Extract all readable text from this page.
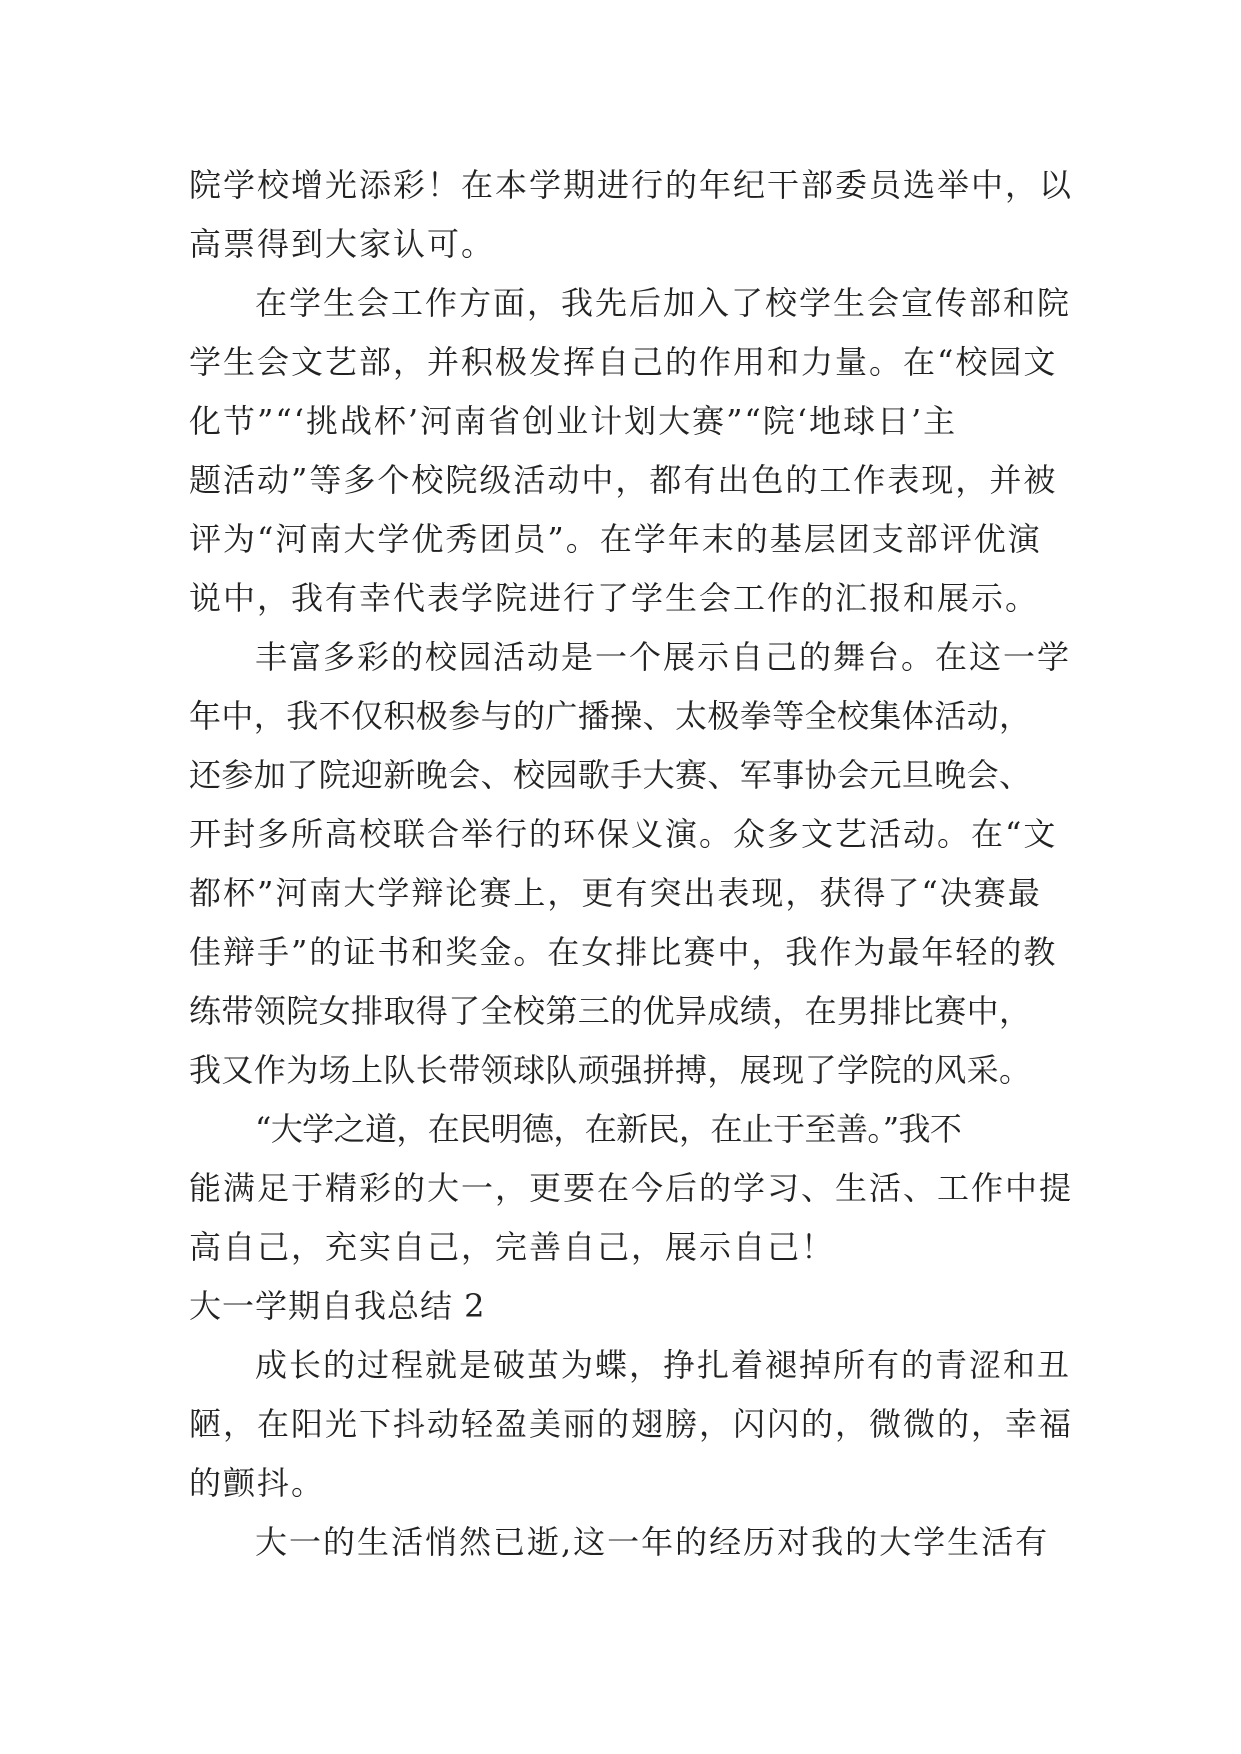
院学校增光添彩！在本学期进行的年纪干部委员选举中，以
高票得到大家认可。
在学生会工作方面，我先后加入了校学生会宣传部和院
学生会文艺部，并积极发挥自己的作用和力量。在“校园文
化节”“‘挑战杯’河南省创业计划大赛”“院‘地球日’主
题活动”等多个校院级活动中，都有出色的工作表现，并被
评为“河南大学优秀团员”。在学年末的基层团支部评优演
说中，我有幸代表学院进行了学生会工作的汇报和展示。
丰富多彩的校园活动是一个展示自己的舞台。在这一学
年中，我不仅积极参与的广播操、太极拳等全校集体活动，
还参加了院迎新晚会、校园歌手大赛、军事协会元旦晚会、
开封多所高校联合举行的环保义演。众多文艺活动。在“文
都杯”河南大学辩论赛上，更有突出表现，获得了“决赛最
佳辩手”的证书和奖金。在女排比赛中，我作为最年轻的教
练带领院女排取得了全校第三的优异成绩，在男排比赛中，
我又作为场上队长带领球队顽强拼搏，展现了学院的风采。
“大学之道，在民明德，在新民，在止于至善。”我不
能满足于精彩的大一，更要在今后的学习、生活、工作中提
高自己，充实自己，完善自己，展示自己！
大一学期自我总结 2
成长的过程就是破茧为蝶，挣扎着褪掉所有的青涩和丑
陋，在阳光下抖动轻盈美丽的翅膀，闪闪的，微微的，幸福
的颤抖。
大一的生活悄然已逝,这一年的经历对我的大学生活有
